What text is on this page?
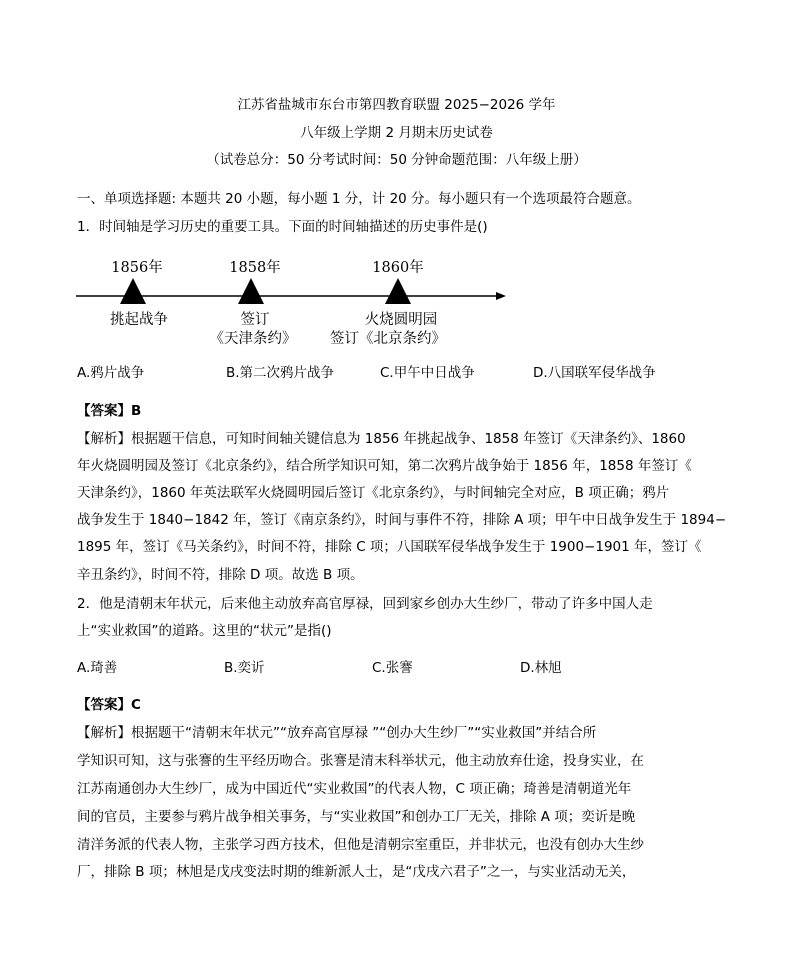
江苏省盐城市东台市第四教育联盟 2025−2026 学年
八年级上学期 2 月期末历史试卷
（试卷总分：50 分考试时间：50 分钟命题范围：八年级上册）
一、单项选择题: 本题共 20 小题，每小题 1 分，计 20 分。每小题只有一个选项最符合题意。
1．时间轴是学习历史的重要工具。下面的时间轴描述的历史事件是()
1856年	1858年	1860年
挑起战争	签订
《天津条约》
火烧圆明园
签订《北京条约》
A.鸦片战争	B.第二次鸦片战争	C.甲午中日战争	D.八国联军侵华战争
【答案】B
【解析】根据题干信息，可知时间轴关键信息为 1856 年挑起战争、1858 年签订《天津条约》、1860
年火烧圆明园及签订《北京条约》，结合所学知识可知，第二次鸦片战争始于 1856 年，1858 年签订《
天津条约》，1860 年英法联军火烧圆明园后签订《北京条约》，与时间轴完全对应，B 项正确；鸦片
战争发生于 1840−1842 年，签订《南京条约》，时间与事件不符，排除 A 项；甲午中日战争发生于 1894−
1895 年，签订《马关条约》，时间不符，排除 C 项；八国联军侵华战争发生于 1900−1901 年，签订《
辛丑条约》，时间不符，排除 D 项。故选 B 项。
2．他是清朝末年状元，后来他主动放弃高官厚禄，回到家乡创办大生纱厂，带动了许多中国人走
上“实业救国”的道路。这里的“状元”是指()
A.琦善	B.奕䜣	C.张謇	D.林旭
【答案】C
【解析】根据题干“清朝末年状元”“放弃高官厚禄 ”“创办大生纱厂”“实业救国”并结合所
学知识可知，这与张謇的生平经历吻合。张謇是清末科举状元，他主动放弃仕途，投身实业，在
江苏南通创办大生纱厂，成为中国近代“实业救国”的代表人物，C 项正确；琦善是清朝道光年
间的官员，主要参与鸦片战争相关事务，与“实业救国”和创办工厂无关，排除 A 项；奕䜣是晚
清洋务派的代表人物，主张学习西方技术，但他是清朝宗室重臣，并非状元，也没有创办大生纱
厂，排除 B 项；林旭是戊戌变法时期的维新派人士，是“戊戌六君子”之一，与实业活动无关，
